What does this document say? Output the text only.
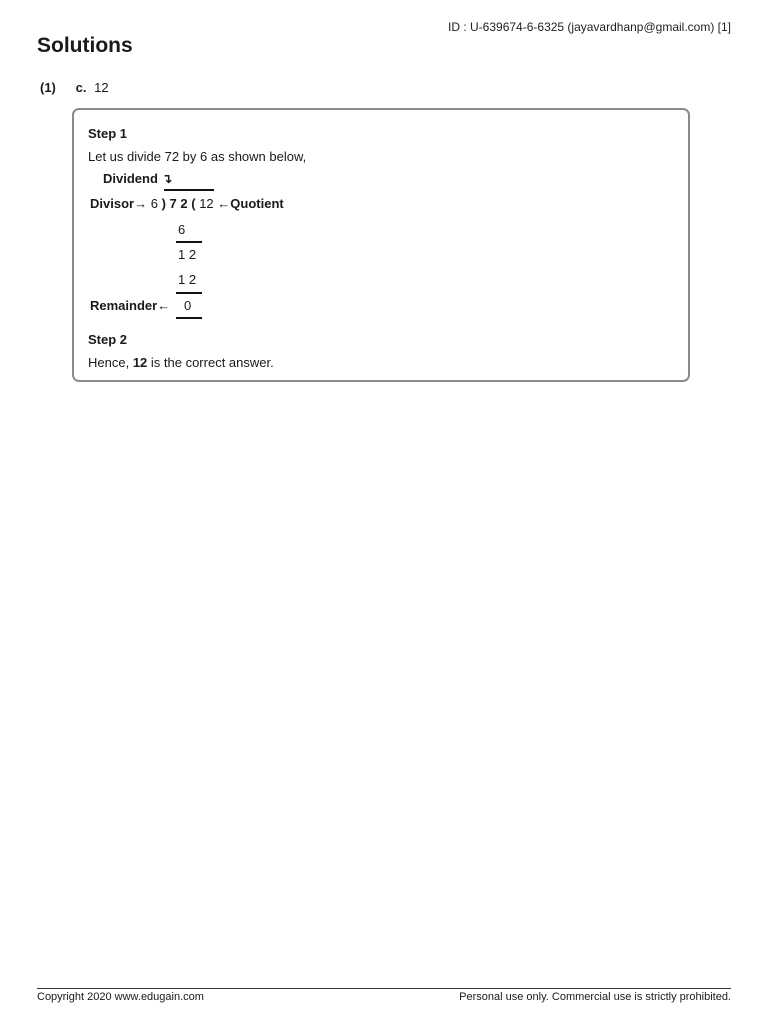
ID : U-639674-6-6325 (jayavardhanp@gmail.com) [1]
Solutions
(1) c. 12
Step 1
Let us divide 72 by 6 as shown below,
Dividend ↴
Divisor→ 6 ) 7 2 ( 12 ←Quotient
6
1 2
1 2
Remainder← 0
Step 2
Hence, 12 is the correct answer.
Copyright 2020 www.edugain.com	Personal use only. Commercial use is strictly prohibited.
